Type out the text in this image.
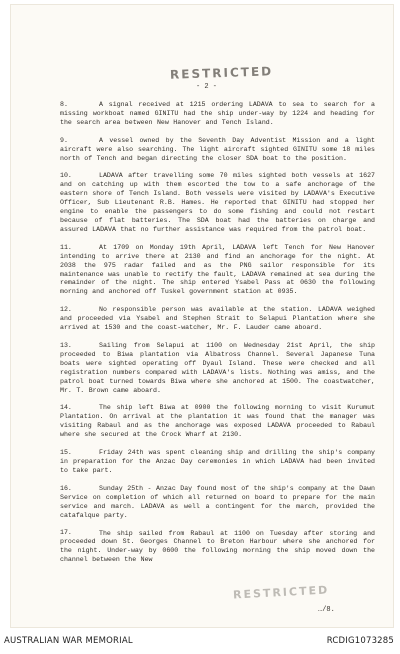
RESTRICTED
- 2 -
8.	A signal received at 1215 ordering LADAVA to sea to search for a missing workboat named GINITU had the ship under-way by 1224 and heading for the search area between New Hanover and Tench Island.
9.	A vessel owned by the Seventh Day Adventist Mission and a light aircraft were also searching. The light aircraft sighted GINITU some 18 miles north of Tench and began directing the closer SDA boat to the position.
10.	LADAVA after travelling some 70 miles sighted both vessels at 1627 and on catching up with them escorted the tow to a safe anchorage of the eastern shore of Tench Island. Both vessels were visited by LADAVA's Executive Officer, Sub Lieutenant R.B. Hames. He reported that GINITU had stopped her engine to enable the passengers to do some fishing and could not restart because of flat batteries. The SDA boat had the batteries on charge and assured LADAVA that no further assistance was required from the patrol boat.
11.	At 1709 on Monday 19th April, LADAVA left Tench for New Hanover intending to arrive there at 2130 and find an anchorage for the night. At 2038 the 975 radar failed and as the PNG sailor responsible for its maintenance was unable to rectify the fault, LADAVA remained at sea during the remainder of the night. The ship entered Ysabel Pass at 0630 the following morning and anchored off Tuskel government station at 0935.
12.	No responsible person was available at the station. LADAVA weighed and proceeded via Ysabel and Stephen Strait to Selapui Plantation where she arrived at 1530 and the coast-watcher, Mr. F. Lauder came aboard.
13.	Sailing from Selapui at 1100 on Wednesday 21st April, the ship proceeded to Biwa plantation via Albatross Channel. Several Japanese Tuna boats were sighted operating off Dyaul Island. These were checked and all registration numbers compared with LADAVA's lists. Nothing was amiss, and the patrol boat turned towards Biwa where she anchored at 1500. The coastwatcher, Mr. T. Brown came aboard.
14.	The ship left Biwa at 0900 the following morning to visit Kurumut Plantation. On arrival at the plantation it was found that the manager was visiting Rabaul and as the anchorage was exposed LADAVA proceeded to Rabaul where she secured at the Crock Wharf at 2130.
15.	Friday 24th was spent cleaning ship and drilling the ship's company in preparation for the Anzac Day ceremonies in which LADAVA had been invited to take part.
16.	Sunday 25th - Anzac Day found most of the ship's company at the Dawn Service on completion of which all returned on board to prepare for the main service and march. LADAVA as well a contingent for the march, provided the catafalque party.
17.	The ship sailed from Rabaul at 1100 on Tuesday after storing and proceeded down St. Georges Channel to Breton Harbour where she anchored for the night. Under-way by 0600 the following morning the ship moved down the channel between the New
RESTRICTED
…/8.
AUSTRALIAN WAR MEMORIAL	RCDIG1073285
